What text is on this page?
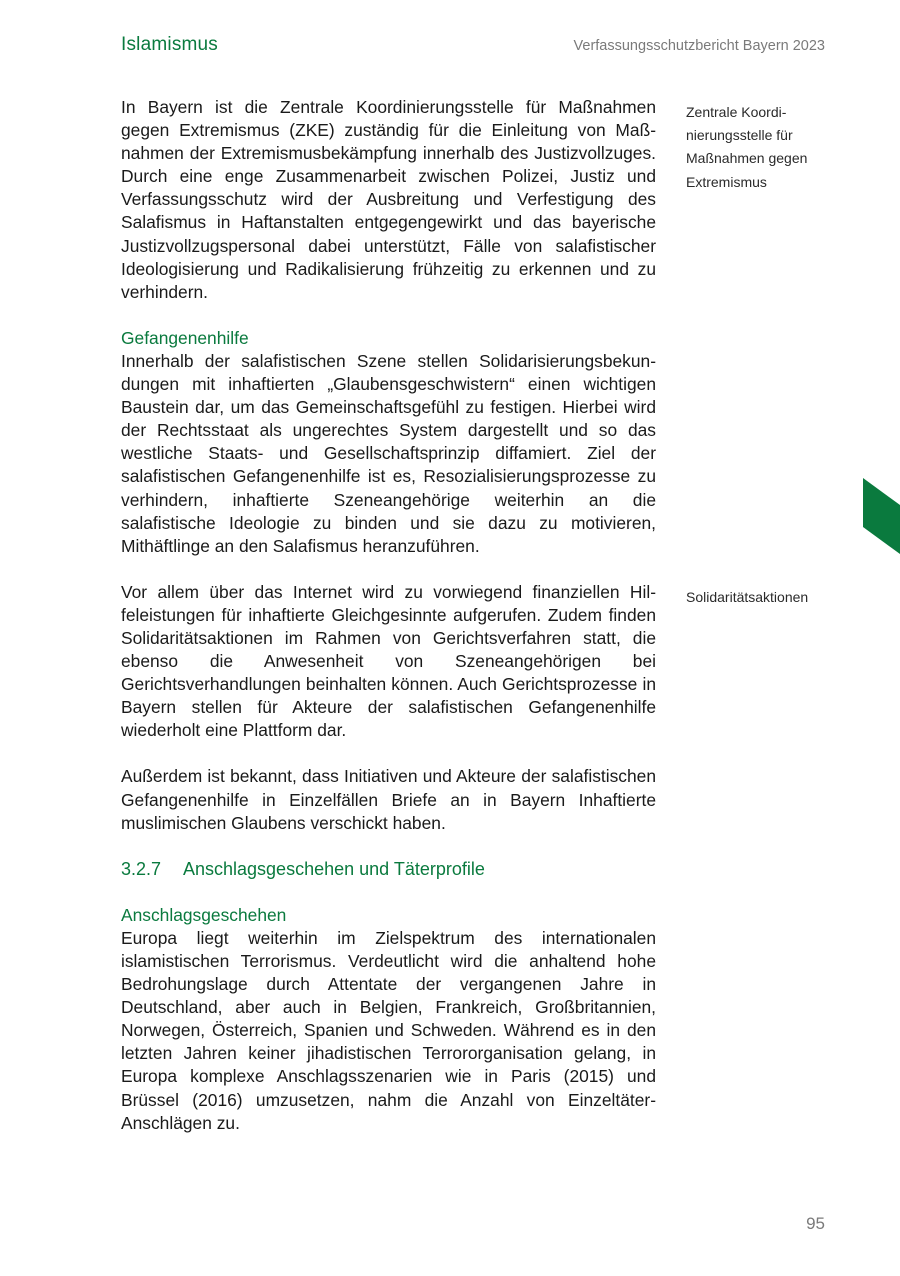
Islamismus	Verfassungsschutzbericht Bayern 2023
Zentrale Koordi-
nierungsstelle für
Maßnahmen gegen
Extremismus
Solidaritätsaktionen

In Bayern ist die Zentrale Koordinierungsstelle für Maßnahmen gegen Extremismus (ZKE) zuständig für die Einleitung von Maßnahmen der Extremismusbekämpfung innerhalb des Justizvollzuges. Durch eine enge Zusammenarbeit zwischen Polizei, Justiz und Verfassungsschutz wird der Ausbreitung und Verfestigung des Salafismus in Haftanstalten entgegengewirkt und das bayerische Justizvollzugspersonal dabei unterstützt, Fälle von salafistischer Ideologisierung und Radikalisierung frühzeitig zu erkennen und zu verhindern.

Gefangenenhilfe

Innerhalb der salafistischen Szene stellen Solidarisierungsbekundungen mit inhaftierten „Glaubensgeschwistern“ einen wichtigen Baustein dar, um das Gemeinschaftsgefühl zu festigen. Hierbei wird der Rechtsstaat als ungerechtes System dargestellt und so das westliche Staats- und Gesellschaftsprinzip diffamiert. Ziel der salafistischen Gefangenenhilfe ist es, Resozialisierungsprozesse zu verhindern, inhaftierte Szeneangehörige weiterhin an die salafistische Ideologie zu binden und sie dazu zu motivieren, Mithäftlinge an den Salafismus heranzuführen.

Vor allem über das Internet wird zu vorwiegend finanziellen Hilfeleistungen für inhaftierte Gleichgesinnte aufgerufen. Zudem finden Solidaritätsaktionen im Rahmen von Gerichtsverfahren statt, die ebenso die Anwesenheit von Szeneangehörigen bei Gerichtsverhandlungen beinhalten können. Auch Gerichtsprozesse in Bayern stellen für Akteure der salafistischen Gefangenenhilfe wiederholt eine Plattform dar.

Außerdem ist bekannt, dass Initiativen und Akteure der salafistischen Gefangenenhilfe in Einzelfällen Briefe an in Bayern Inhaftierte muslimischen Glaubens verschickt haben.

3.2.7 Anschlagsgeschehen und Täterprofile

Anschlagsgeschehen

Europa liegt weiterhin im Zielspektrum des internationalen islamistischen Terrorismus. Verdeutlicht wird die anhaltend hohe Bedrohungslage durch Attentate der vergangenen Jahre in Deutschland, aber auch in Belgien, Frankreich, Großbritannien, Norwegen, Österreich, Spanien und Schweden. Während es in den letzten Jahren keiner jihadistischen Terrororganisation gelang, in Europa komplexe Anschlagsszenarien wie in Paris (2015) und Brüssel (2016) umzusetzen, nahm die Anzahl von Einzeltäter-Anschlägen zu.

95
